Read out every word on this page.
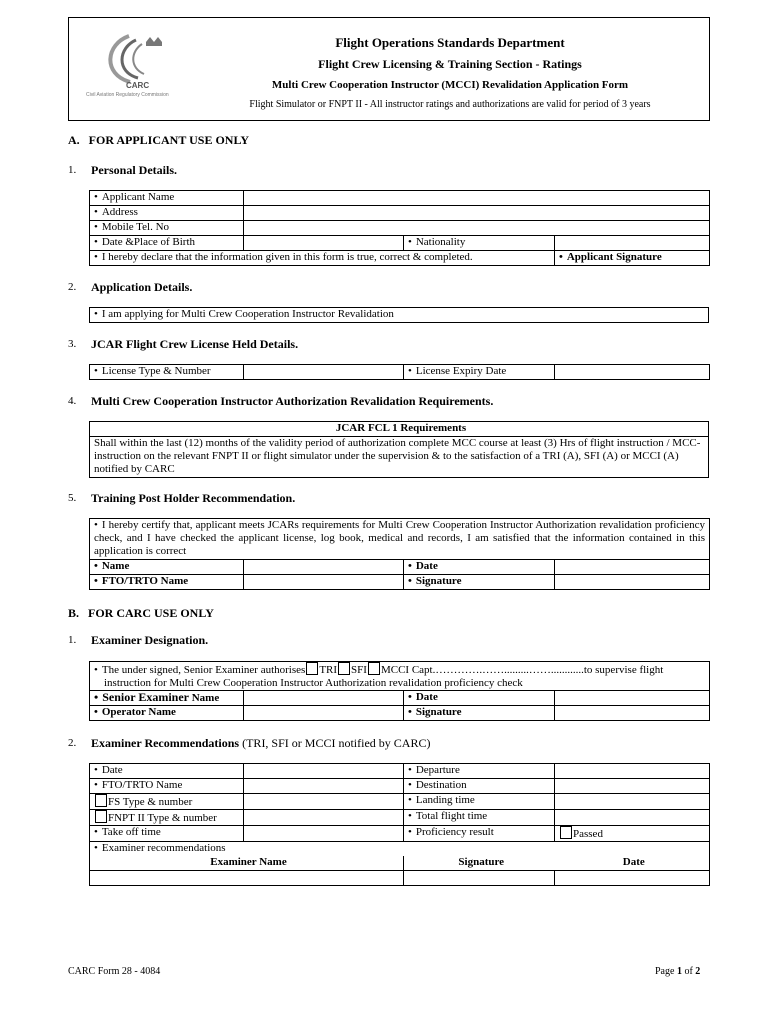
CARC
Civil Aviation Regulatory Commission
Flight Operations Standards Department
Flight Crew Licensing & Training Section - Ratings
Multi Crew Cooperation Instructor (MCCI) Revalidation Application Form
Flight Simulator or FNPT II - All instructor ratings and authorizations are valid for period of 3 years
A.   FOR APPLICANT USE ONLY
1. Personal Details.
• Applicant Name	
• Address	
• Mobile Tel. No	
• Date &Place of Birth		• Nationality	
• I hereby declare that the information given in this form is true, correct & completed.			• Applicant Signature
2. Application Details.
• I am applying for Multi Crew Cooperation Instructor Revalidation
3. JCAR Flight Crew License Held Details.
• License Type & Number		•License Expiry Date	
4. Multi Crew Cooperation Instructor Authorization Revalidation Requirements.
JCAR FCL 1 Requirements
Shall within the last (12) months of the validity period of authorization complete MCC course at least (3) Hrs of flight instruction / MCC-instruction on the relevant FNPT II or flight simulator under the supervision & to the satisfaction of a TRI (A), SFI (A) or MCCI (A) notified by CARC
5. Training Post Holder Recommendation.
• I hereby certify that, applicant meets JCARs requirements for Multi Crew Cooperation Instructor Authorization revalidation proficiency check, and I have checked the applicant license, log book, medical and records, I am satisfied that the information contained in this application is correct
• Name		• Date	
• FTO/TRTO Name		• Signature	
B.   FOR CARC USE ONLY
1. Examiner Designation.
• The under signed, Senior Examiner authorises TRI SFI MCCI Capt.………….…….........……............to supervise flight
instruction for Multi Crew Cooperation Instructor Authorization revalidation proficiency check
• Senior Examiner Name		• Date	
• Operator Name		• Signature	
2. Examiner Recommendations (TRI, SFI or MCCI notified by CARC)
• Date		• Departure	
• FTO/TRTO Name		• Destination	
FS Type & number		• Landing time	
FNPT II Type & number		• Total flight time	
• Take off time		• Proficiency result	Passed
• Examiner recommendations
Examiner Name		Signature	Date

CARC Form 28 - 4084	Page 1 of 2
